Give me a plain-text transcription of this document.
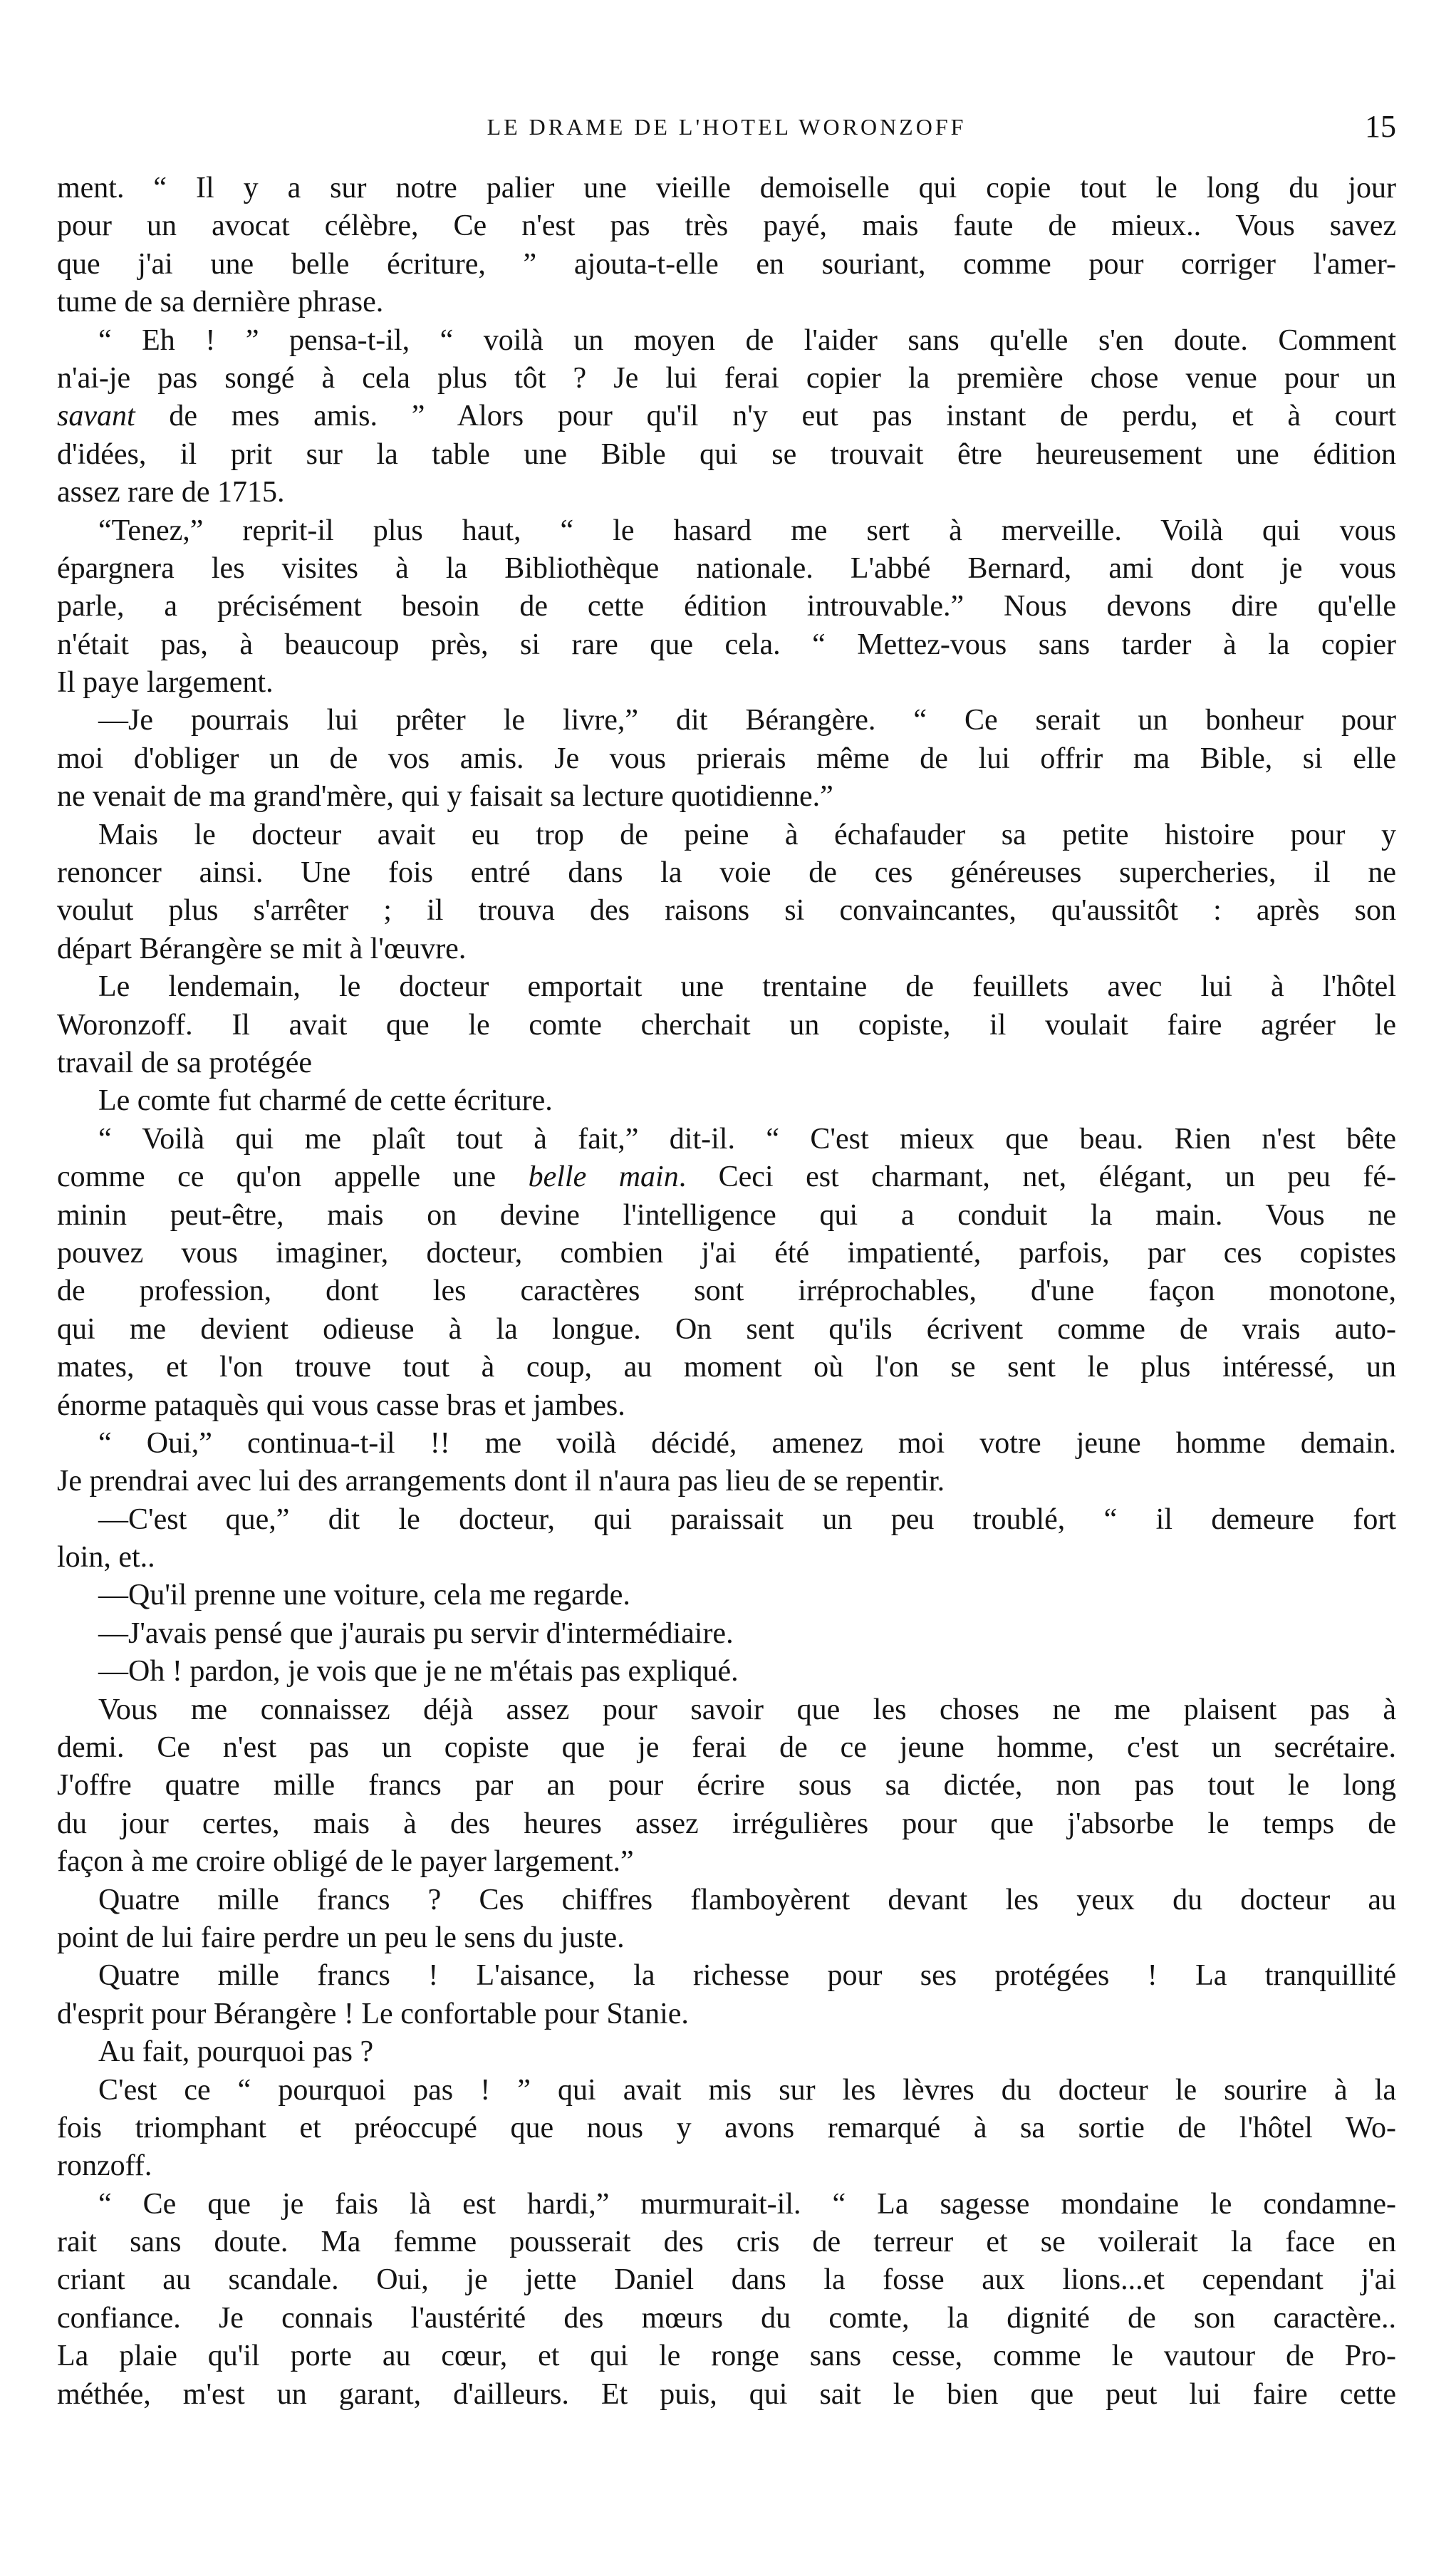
LE DRAME DE L'HOTEL WORONZOFF	15
ment. “ Il y a sur notre palier une vieille demoiselle qui copie tout le long du jour
pour un avocat célèbre, Ce n'est pas très payé, mais faute de mieux.. Vous savez
que j'ai une belle écriture, ” ajouta-t-elle en souriant, comme pour corriger l'amer-
tume de sa dernière phrase.
“ Eh ! ” pensa-t-il, “ voilà un moyen de l'aider sans qu'elle s'en doute. Comment
n'ai-je pas songé à cela plus tôt ? Je lui ferai copier la première chose venue pour un
savant de mes amis. ” Alors pour qu'il n'y eut pas instant de perdu, et à court
d'idées, il prit sur la table une Bible qui se trouvait être heureusement une édition
assez rare de 1715.
“Tenez,” reprit-il plus haut, “ le hasard me sert à merveille. Voilà qui vous
épargnera les visites à la Bibliothèque nationale. L'abbé Bernard, ami dont je vous
parle, a précisément besoin de cette édition introuvable.” Nous devons dire qu'elle
n'était pas, à beaucoup près, si rare que cela. “ Mettez-vous sans tarder à la copier
Il paye largement.
—Je pourrais lui prêter le livre,” dit Bérangère. “ Ce serait un bonheur pour
moi d'obliger un de vos amis. Je vous prierais même de lui offrir ma Bible, si elle
ne venait de ma grand'mère, qui y faisait sa lecture quotidienne.”
Mais le docteur avait eu trop de peine à échafauder sa petite histoire pour y
renoncer ainsi. Une fois entré dans la voie de ces généreuses supercheries, il ne
voulut plus s'arrêter ; il trouva des raisons si convaincantes, qu'aussitôt : après son
départ Bérangère se mit à l'œuvre.
Le lendemain, le docteur emportait une trentaine de feuillets avec lui à l'hôtel
Woronzoff. Il avait que le comte cherchait un copiste, il voulait faire agréer le
travail de sa protégée
Le comte fut charmé de cette écriture.
“ Voilà qui me plaît tout à fait,” dit-il. “ C'est mieux que beau. Rien n'est bête
comme ce qu'on appelle une belle main. Ceci est charmant, net, élégant, un peu fé-
minin peut-être, mais on devine l'intelligence qui a conduit la main. Vous ne
pouvez vous imaginer, docteur, combien j'ai été impatienté, parfois, par ces copistes
de profession, dont les caractères sont irréprochables, d'une façon monotone,
qui me devient odieuse à la longue. On sent qu'ils écrivent comme de vrais auto-
mates, et l'on trouve tout à coup, au moment où l'on se sent le plus intéressé, un
énorme pataquès qui vous casse bras et jambes.
“ Oui,” continua-t-il !! me voilà décidé, amenez moi votre jeune homme demain.
Je prendrai avec lui des arrangements dont il n'aura pas lieu de se repentir.
—C'est que,” dit le docteur, qui paraissait un peu troublé, “ il demeure fort
loin, et..
—Qu'il prenne une voiture, cela me regarde.
—J'avais pensé que j'aurais pu servir d'intermédiaire.
—Oh ! pardon, je vois que je ne m'étais pas expliqué.
Vous me connaissez déjà assez pour savoir que les choses ne me plaisent pas à
demi. Ce n'est pas un copiste que je ferai de ce jeune homme, c'est un secrétaire.
J'offre quatre mille francs par an pour écrire sous sa dictée, non pas tout le long
du jour certes, mais à des heures assez irrégulières pour que j'absorbe le temps de
façon à me croire obligé de le payer largement.”
Quatre mille francs ? Ces chiffres flamboyèrent devant les yeux du docteur au
point de lui faire perdre un peu le sens du juste.
Quatre mille francs ! L'aisance, la richesse pour ses protégées ! La tranquillité
d'esprit pour Bérangère ! Le confortable pour Stanie.
Au fait, pourquoi pas ?
C'est ce “ pourquoi pas ! ” qui avait mis sur les lèvres du docteur le sourire à la
fois triomphant et préoccupé que nous y avons remarqué à sa sortie de l'hôtel Wo-
ronzoff.
“ Ce que je fais là est hardi,” murmurait-il. “ La sagesse mondaine le condamne-
rait sans doute. Ma femme pousserait des cris de terreur et se voilerait la face en
criant au scandale. Oui, je jette Daniel dans la fosse aux lions...et cependant j'ai
confiance. Je connais l'austérité des mœurs du comte, la dignité de son caractère..
La plaie qu'il porte au cœur, et qui le ronge sans cesse, comme le vautour de Pro-
méthée, m'est un garant, d'ailleurs. Et puis, qui sait le bien que peut lui faire cette
